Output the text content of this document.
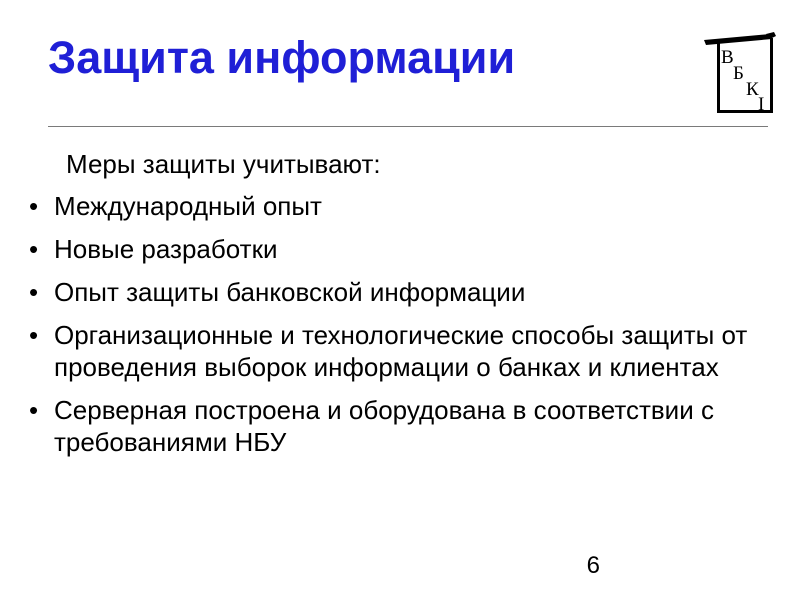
Защита информации	В
Б
К
І

Меры защиты учитывают:

• Международный опыт
• Новые разработки
• Опыт защиты банковской информации
• Организационные и технологические способы защиты от проведения выборок информации о банках и клиентах
• Серверная построена и оборудована в соответствии с требованиями НБУ
6
